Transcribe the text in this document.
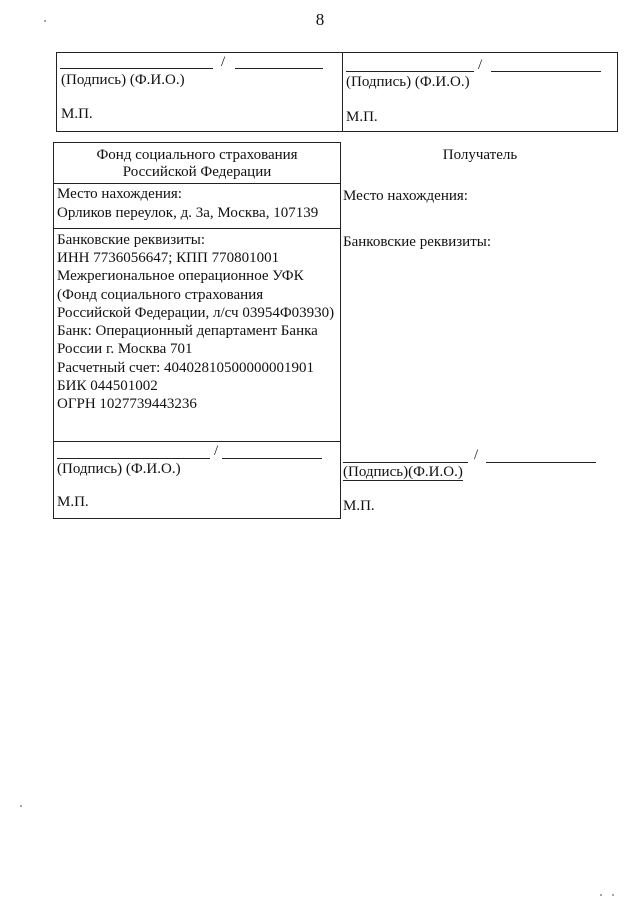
8
/
(Подпись) (Ф.И.О.)
М.П.
/
(Подпись) (Ф.И.О.)
М.П.
Фонд социального страхования
Российской Федерации
Место нахождения:
Орликов переулок, д. 3а, Москва, 107139
Банковские реквизиты:
ИНН 7736056647; КПП 770801001
Межрегиональное операционное УФК
(Фонд социального страхования
Российской Федерации, л/сч 03954Ф03930)
Банк: Операционный департамент Банка
России г. Москва 701
Расчетный счет: 40402810500000001901
БИК 044501002
ОГРН 1027739443236
/
(Подпись) (Ф.И.О.)
М.П.
Получатель
Место нахождения:
Банковские реквизиты:
/
(Подпись)(Ф.И.О.)
М.П.
